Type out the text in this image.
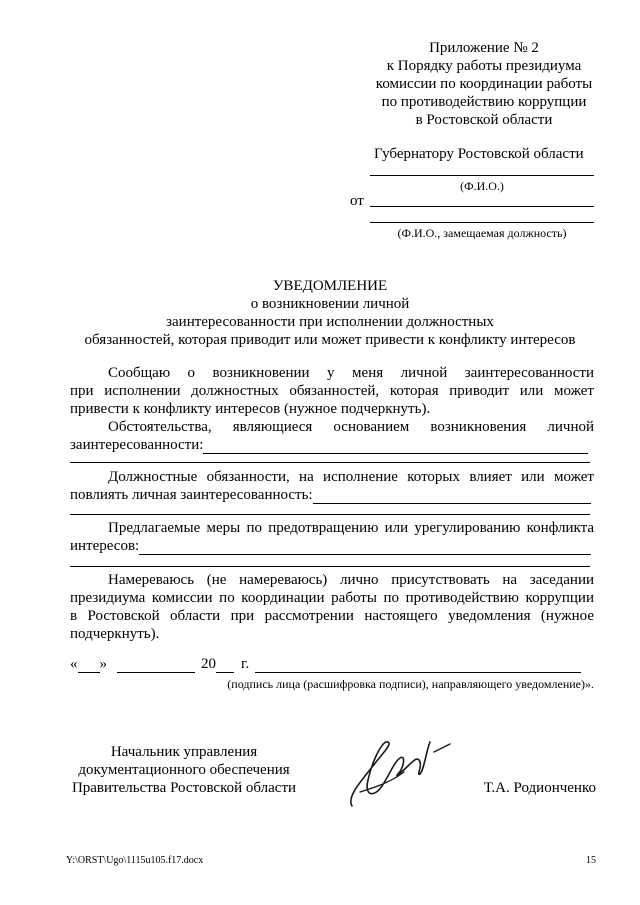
Приложение № 2
к Порядку работы президиума
комиссии по координации работы
по противодействию коррупции
в Ростовской области
Губернатору Ростовской области
(Ф.И.О.)
от
(Ф.И.О., замещаемая должность)
УВЕДОМЛЕНИЕ
о возникновении личной
заинтересованности при исполнении должностных
обязанностей, которая приводит или может привести к конфликту интересов
Сообщаю о возникновении у меня личной заинтересованности
при исполнении должностных обязанностей, которая приводит или может
привести к конфликту интересов (нужное подчеркнуть).
Обстоятельства, являющиеся основанием возникновения личной
заинтересованности:
Должностные обязанности, на исполнение которых влияет или может
повлиять личная заинтересованность:
Предлагаемые меры по предотвращению или урегулированию конфликта
интересов:
Намереваюсь (не намереваюсь) лично присутствовать на заседании
президиума комиссии по координации работы по противодействию коррупции
в Ростовской области при рассмотрении настоящего уведомления (нужное
подчеркнуть).
« »	20 г.
(подпись лица (расшифровка подписи), направляющего уведомление)».
Начальник управления
документационного обеспечения
Правительства Ростовской области	Т.А. Родионченко
Y:\ORST\Ugo\1115u105.f17.docx	15
